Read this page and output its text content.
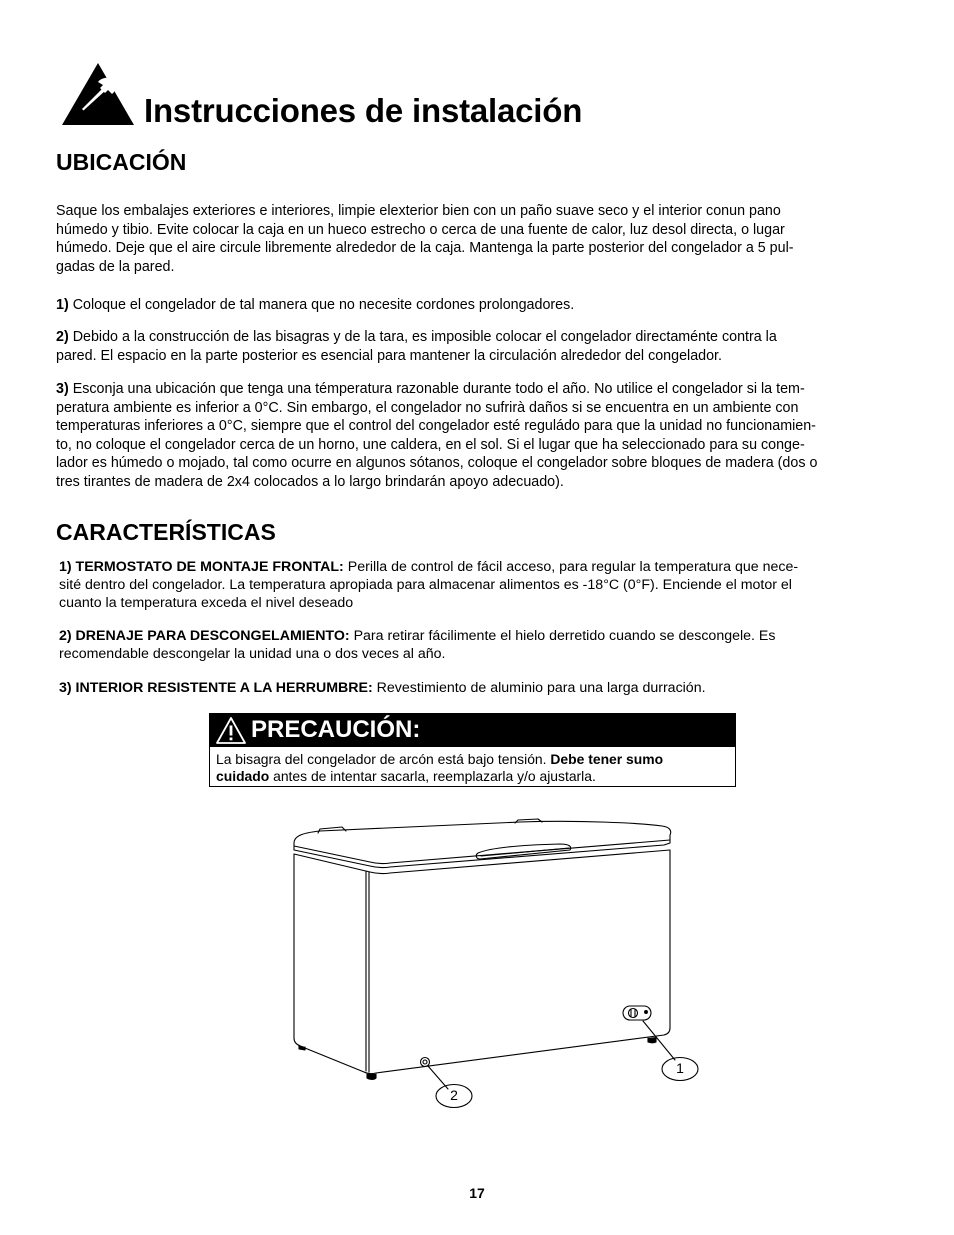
Instrucciones de instalación
UBICACIÓN
Saque los embalajes exteriores e interiores, limpie elexterior bien con un paño suave seco y el interior conun pano
húmedo y tibio. Evite colocar la caja en un hueco estrecho o cerca de una fuente de calor, luz desol directa, o lugar
húmedo. Deje que el aire circule libremente alrededor de la caja. Mantenga la parte posterior del congelador a 5 pul-
gadas de la pared.
1) Coloque el congelador de tal manera que no necesite cordones prolongadores.
2) Debido a la construcción de las bisagras y de la tara, es imposible colocar el congelador directaménte contra la
pared. El espacio en la parte posterior es esencial para mantener la circulación alrededor del congelador.
3) Esconja una ubicación que tenga una témperatura razonable durante todo el año. No utilice el congelador si la tem-
peratura ambiente es inferior a 0°C. Sin embargo, el congelador no sufrirà daños si se encuentra en un ambiente con
temperaturas inferiores a 0°C, siempre que el control del congelador esté reguládo para que la unidad no funcionamien-
to, no coloque el congelador cerca de un horno, une caldera, en el sol. Si el lugar que ha seleccionado para su conge-
lador es húmedo o mojado, tal como ocurre en algunos sótanos, coloque el congelador sobre bloques de madera (dos o
tres tirantes de madera de 2x4 colocados a lo largo brindarán apoyo adecuado).
CARACTERÍSTICAS
1) TERMOSTATO DE MONTAJE FRONTAL: Perilla de control de fácil acceso, para regular la temperatura que nece-
sité dentro del congelador. La temperatura apropiada para almacenar alimentos es -18°C (0°F). Enciende el motor el
cuanto la temperatura exceda el nivel deseado
2) DRENAJE PARA DESCONGELAMIENTO: Para retirar fácilimente el hielo derretido cuando se descongele. Es
recomendable descongelar la unidad una o dos veces al año.
3) INTERIOR RESISTENTE A LA HERRUMBRE: Revestimiento de aluminio para una larga durración.
PRECAUCIÓN:
La bisagra del congelador de arcón está bajo tensión. Debe tener sumo
cuidado antes de intentar sacarla, reemplazarla y/o ajustarla.
1
2
17
